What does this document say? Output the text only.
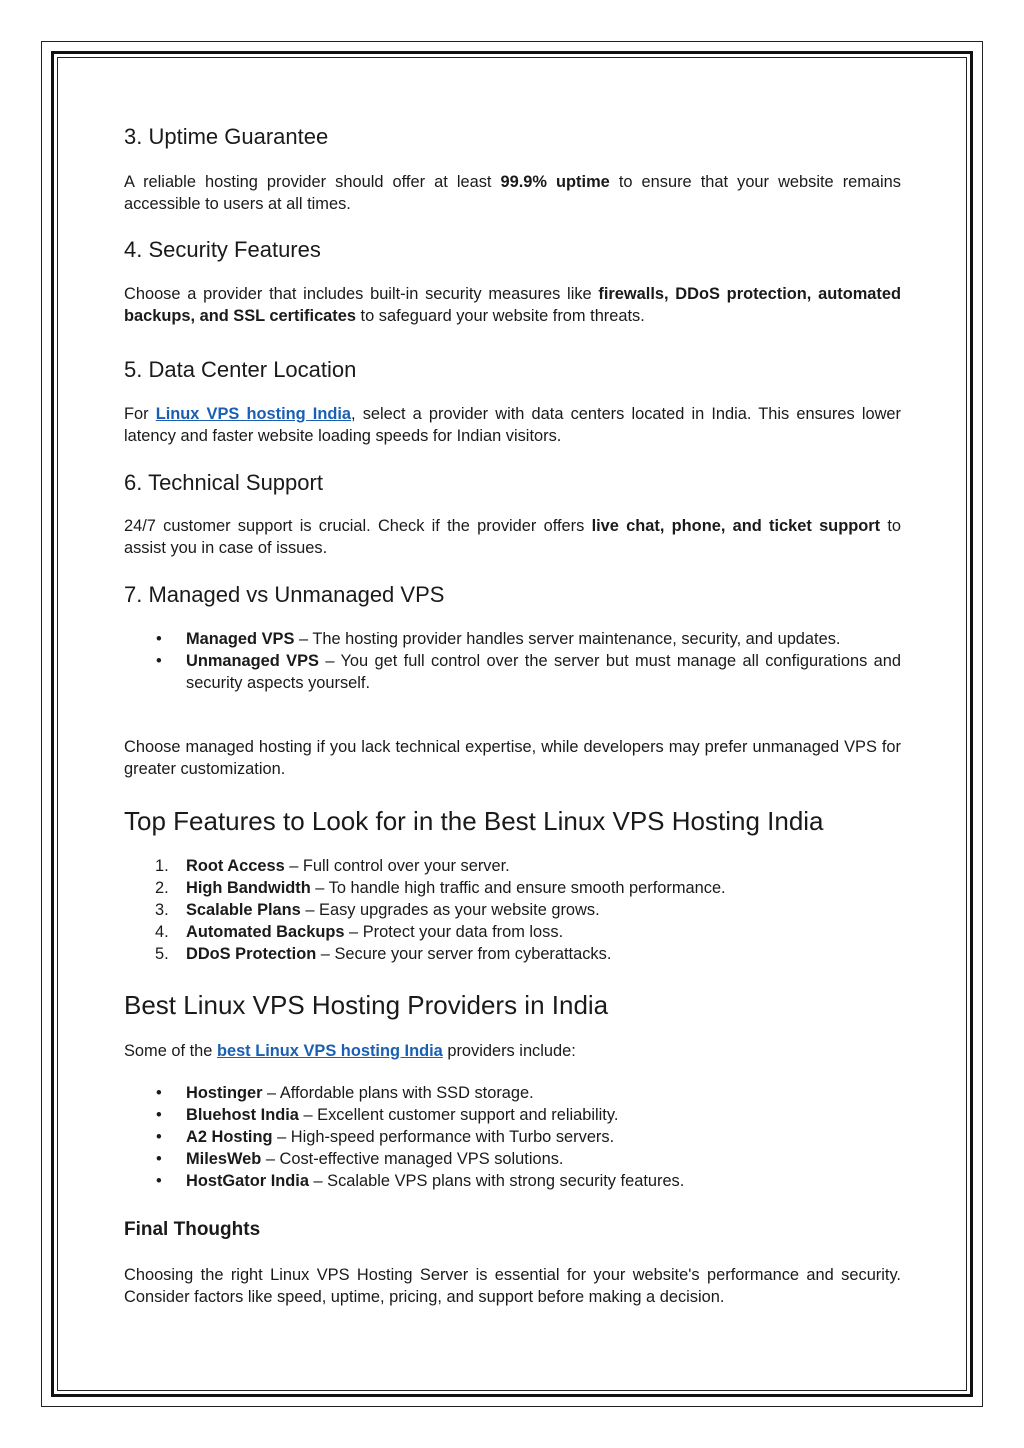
3. Uptime Guarantee

A reliable hosting provider should offer at least 99.9% uptime to ensure that your website remains accessible to users at all times.

4. Security Features

Choose a provider that includes built-in security measures like firewalls, DDoS protection, automated backups, and SSL certificates to safeguard your website from threats.

5. Data Center Location

For Linux VPS hosting India, select a provider with data centers located in India. This ensures lower latency and faster website loading speeds for Indian visitors.

6. Technical Support

24/7 customer support is crucial. Check if the provider offers live chat, phone, and ticket support to assist you in case of issues.

7. Managed vs Unmanaged VPS
• Managed VPS – The hosting provider handles server maintenance, security, and updates.
• Unmanaged VPS – You get full control over the server but must manage all configurations and security aspects yourself.

Choose managed hosting if you lack technical expertise, while developers may prefer unmanaged VPS for greater customization.

Top Features to Look for in the Best Linux VPS Hosting India
1. Root Access – Full control over your server.
2. High Bandwidth – To handle high traffic and ensure smooth performance.
3. Scalable Plans – Easy upgrades as your website grows.
4. Automated Backups – Protect your data from loss.
5. DDoS Protection – Secure your server from cyberattacks.
Best Linux VPS Hosting Providers in India

Some of the best Linux VPS hosting India providers include:

• Hostinger – Affordable plans with SSD storage.
• Bluehost India – Excellent customer support and reliability.
• A2 Hosting – High-speed performance with Turbo servers.
• MilesWeb – Cost-effective managed VPS solutions.
• HostGator India – Scalable VPS plans with strong security features.
Final Thoughts

Choosing the right Linux VPS Hosting Server is essential for your website's performance and security. Consider factors like speed, uptime, pricing, and support before making a decision.
